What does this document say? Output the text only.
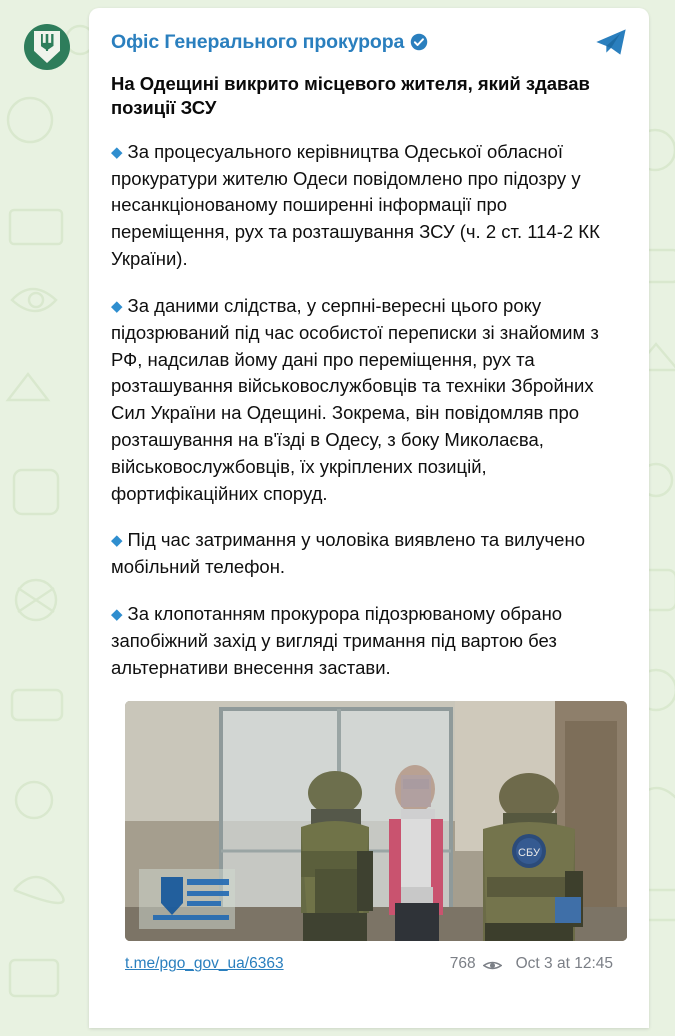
Офіс Генерального прокурора
На Одещині викрито місцевого жителя, який здавав позиції ЗСУ
◆ За процесуального керівництва Одеської обласної прокуратури жителю Одеси повідомлено про підозру у несанкціонованому поширенні інформації про переміщення, рух та розташування ЗСУ (ч. 2 ст. 114-2 КК України).
◆ За даними слідства, у серпні-вересні цього року підозрюваний під час особистої переписки зі знайомим з РФ, надсилав йому дані про переміщення, рух та розташування військовослужбовців та техніки Збройних Сил України на Одещині. Зокрема, він повідомляв про розташування на в'їзді в Одесу, з боку Миколаєва, військовослужбовців, їх укріплених позицій, фортифікаційних споруд.
◆ Під час затримання у чоловіка виявлено та вилучено мобільний телефон.
◆ За клопотанням прокурора підозрюваному обрано запобіжний захід у вигляді тримання під вартою без альтернативи внесення застави.
СБУ
t.me/pgo_gov_ua/6363	768	Oct 3 at 12:45
